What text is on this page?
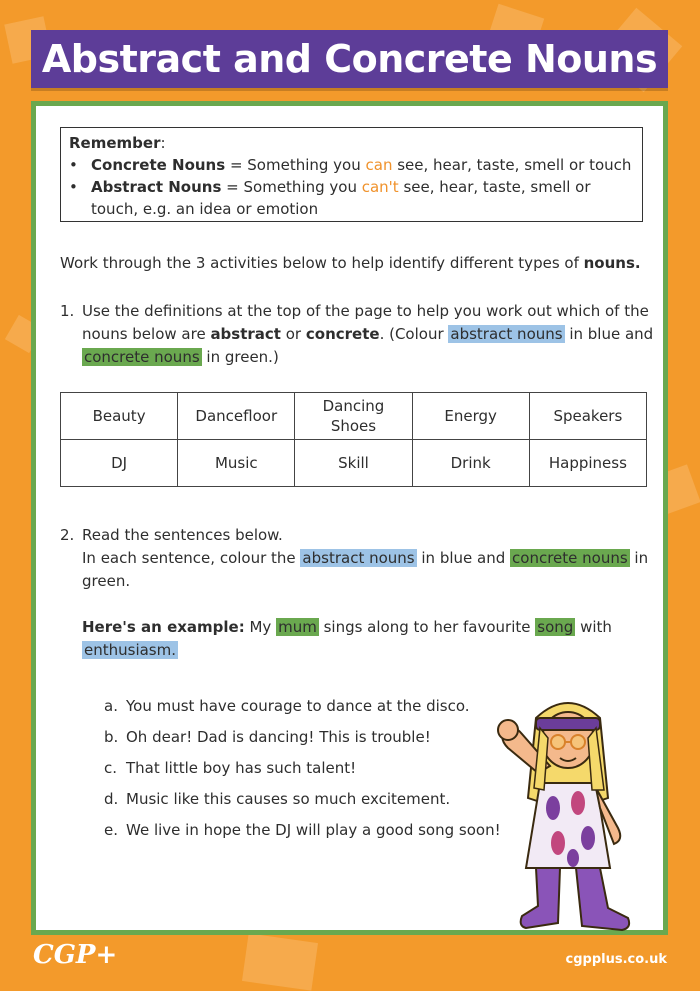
Abstract and Concrete Nouns
Remember:
• Concrete Nouns = Something you can see, hear, taste, smell or touch
• Abstract Nouns = Something you can't see, hear, taste, smell or touch, e.g. an idea or emotion
Work through the 3 activities below to help identify different types of nouns.
1. Use the definitions at the top of the page to help you work out which of the nouns below are abstract or concrete. (Colour abstract nouns in blue and concrete nouns in green.)
Beauty	Dancefloor	Dancing Shoes	Energy	Speakers
DJ	Music	Skill	Drink	Happiness
2. Read the sentences below.
In each sentence, colour the abstract nouns in blue and concrete nouns in green.
Here's an example: My mum sings along to her favourite song with enthusiasm.
a. You must have courage to dance at the disco.
b. Oh dear! Dad is dancing! This is trouble!
c. That little boy has such talent!
d. Music like this causes so much excitement.
e. We live in hope the DJ will play a good song soon!
CGP+	cgpplus.co.uk
